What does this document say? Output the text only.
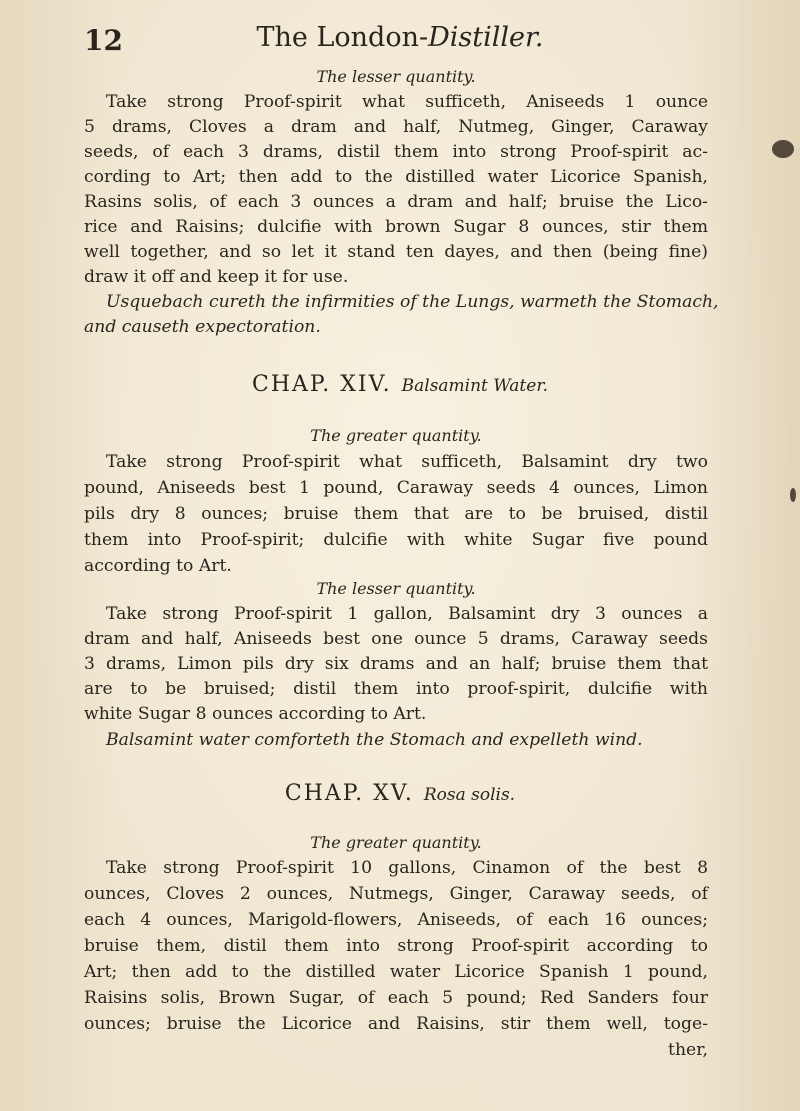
12	The London-Distiller.
The lesser quantity.
Take strong Proof-spirit what sufficeth, Aniseeds 1 ounce
5 drams, Cloves a dram and half, Nutmeg, Ginger, Caraway
seeds, of each 3 drams, distil them into strong Proof-spirit ac-
cording to Art; then add to the distilled water Licorice Spanish,
Rasins solis, of each 3 ounces a dram and half; bruise the Lico-
rice and Raisins; dulcifie with brown Sugar 8 ounces, stir them
well together, and so let it stand ten dayes, and then (being fine)
draw it off and keep it for use.
Usquebach cureth the infirmities of the Lungs, warmeth the Stomach,
and causeth expectoration.
CHAP. XIV. Balsamint Water.
The greater quantity.
Take strong Proof-spirit what sufficeth, Balsamint dry two
pound, Aniseeds best 1 pound, Caraway seeds 4 ounces, Limon
pils dry 8 ounces; bruise them that are to be bruised, distil
them into Proof-spirit; dulcifie with white Sugar five pound
according to Art.
The lesser quantity.
Take strong Proof-spirit 1 gallon, Balsamint dry 3 ounces a
dram and half, Aniseeds best one ounce 5 drams, Caraway seeds
3 drams, Limon pils dry six drams and an half; bruise them that
are to be bruised; distil them into proof-spirit, dulcifie with
white Sugar 8 ounces according to Art.
Balsamint water comforteth the Stomach and expelleth wind.
CHAP. XV. Rosa solis.
The greater quantity.
Take strong Proof-spirit 10 gallons, Cinamon of the best 8
ounces, Cloves 2 ounces, Nutmegs, Ginger, Caraway seeds, of
each 4 ounces, Marigold-flowers, Aniseeds, of each 16 ounces;
bruise them, distil them into strong Proof-spirit according to
Art; then add to the distilled water Licorice Spanish 1 pound,
Raisins solis, Brown Sugar, of each 5 pound; Red Sanders four
ounces; bruise the Licorice and Raisins, stir them well, toge-
ther,
